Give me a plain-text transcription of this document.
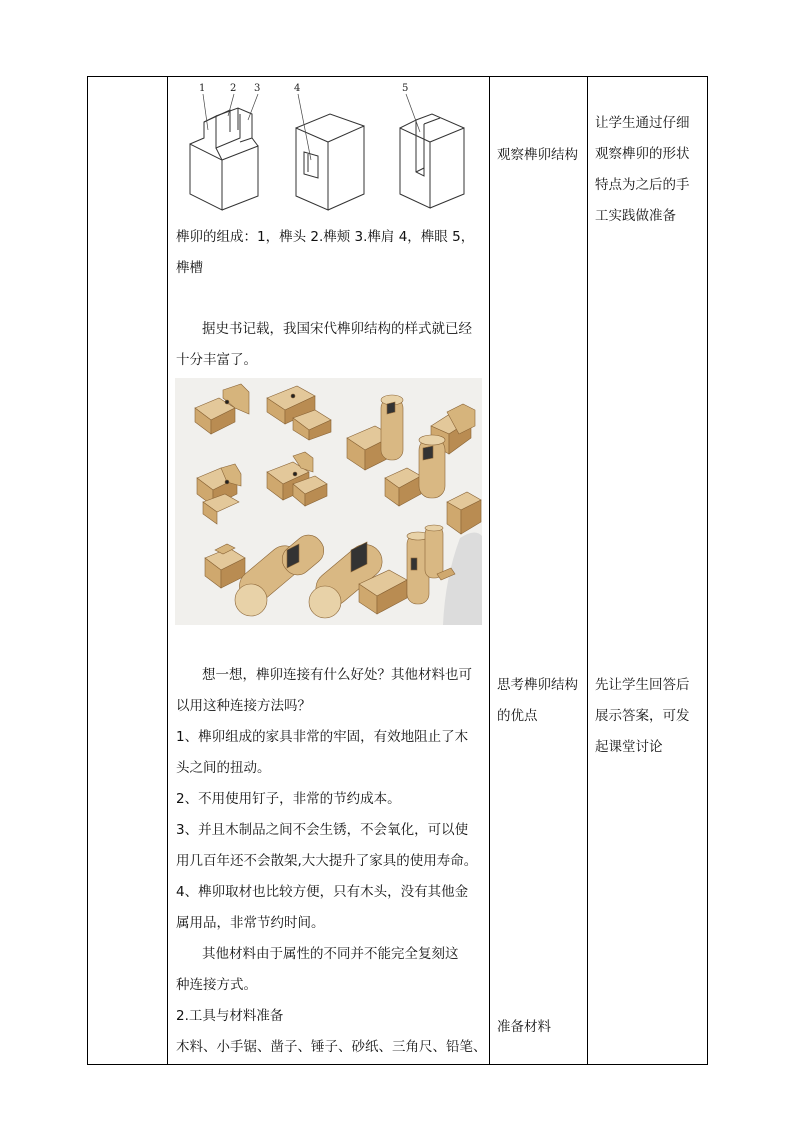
1 2 3	4	5
榫卯的组成：1，榫头 2.榫颊 3.榫肩 4，榫眼 5，
榫槽
据史书记载，我国宋代榫卯结构的样式就已经
十分丰富了。
想一想，榫卯连接有什么好处？其他材料也可
以用这种连接方法吗？
1、榫卯组成的家具非常的牢固，有效地阻止了木
头之间的扭动。
2、不用使用钉子，非常的节约成本。
3、并且木制品之间不会生锈，不会氧化，可以使
用几百年还不会散架,大大提升了家具的使用寿命。
4、榫卯取材也比较方便，只有木头，没有其他金
属用品，非常节约时间。
其他材料由于属性的不同并不能完全复刻这
种连接方式。
2.工具与材料准备
木料、小手锯、凿子、锤子、砂纸、三角尺、铅笔、
观察榫卯结构
思考榫卯结构
的优点
准备材料
让学生通过仔细
观察榫卯的形状
特点为之后的手
工实践做准备
先让学生回答后
展示答案，可发
起课堂讨论
